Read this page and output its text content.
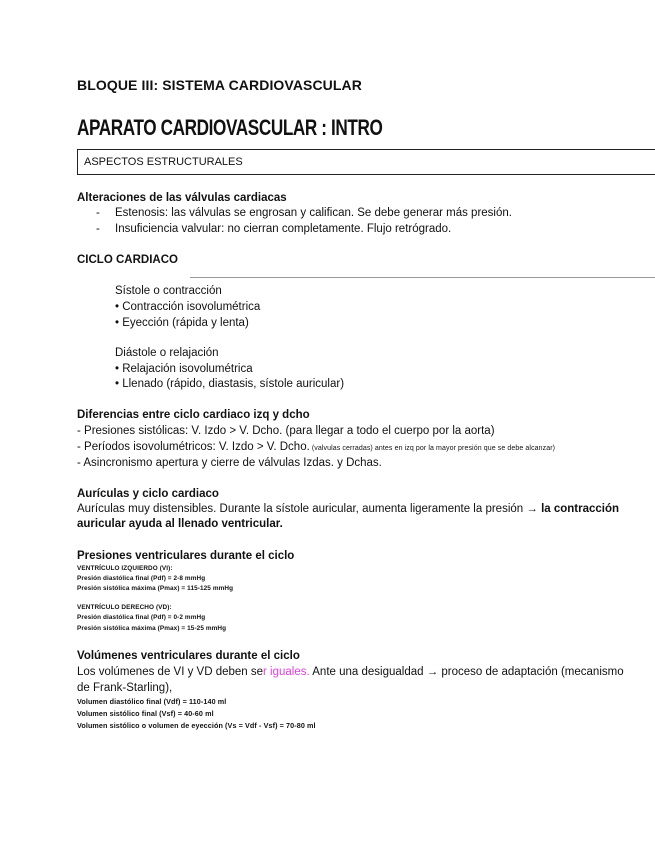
BLOQUE III: SISTEMA CARDIOVASCULAR
APARATO CARDIOVASCULAR : INTRO
ASPECTOS ESTRUCTURALES
Alteraciones de las válvulas cardiacas
- Estenosis: las válvulas se engrosan y califican. Se debe generar más presión.
- Insuficiencia valvular: no cierran completamente. Flujo retrógrado.
CICLO CARDIACO
Sístole o contracción
• Contracción isovolumétrica
• Eyección (rápida y lenta)
Diástole o relajación
• Relajación isovolumétrica
• Llenado (rápido, diastasis, sístole auricular)
Diferencias entre ciclo cardiaco izq y dcho
- Presiones sistólicas: V. Izdo > V. Dcho. (para llegar a todo el cuerpo por la aorta)
- Períodos isovolumétricos: V. Izdo > V. Dcho. (valvulas cerradas) antes en izq por la mayor presión que se debe alcanzar)
- Asincronismo apertura y cierre de válvulas Izdas. y Dchas.
Aurículas y ciclo cardiaco
Aurículas muy distensibles. Durante la sístole auricular, aumenta ligeramente la presión → la contracción
auricular ayuda al llenado ventricular.
Presiones ventriculares durante el ciclo
VENTRÍCULO IZQUIERDO (VI):
Presión diastólica final (Pdf) = 2-8 mmHg
Presión sistólica máxima (Pmax) = 115-125 mmHg
VENTRÍCULO DERECHO (VD):
Presión diastólica final (Pdf) = 0-2 mmHg
Presión sistólica máxima (Pmax) = 15-25 mmHg
Volúmenes ventriculares durante el ciclo
Los volúmenes de VI y VD deben ser iguales. Ante una desigualdad → proceso de adaptación (mecanismo
de Frank-Starling),
Volumen diastólico final (Vdf) = 110-140 ml
Volumen sistólico final (Vsf) = 40-60 ml
Volumen sistólico o volumen de eyección (Vs = Vdf - Vsf) = 70-80 ml
